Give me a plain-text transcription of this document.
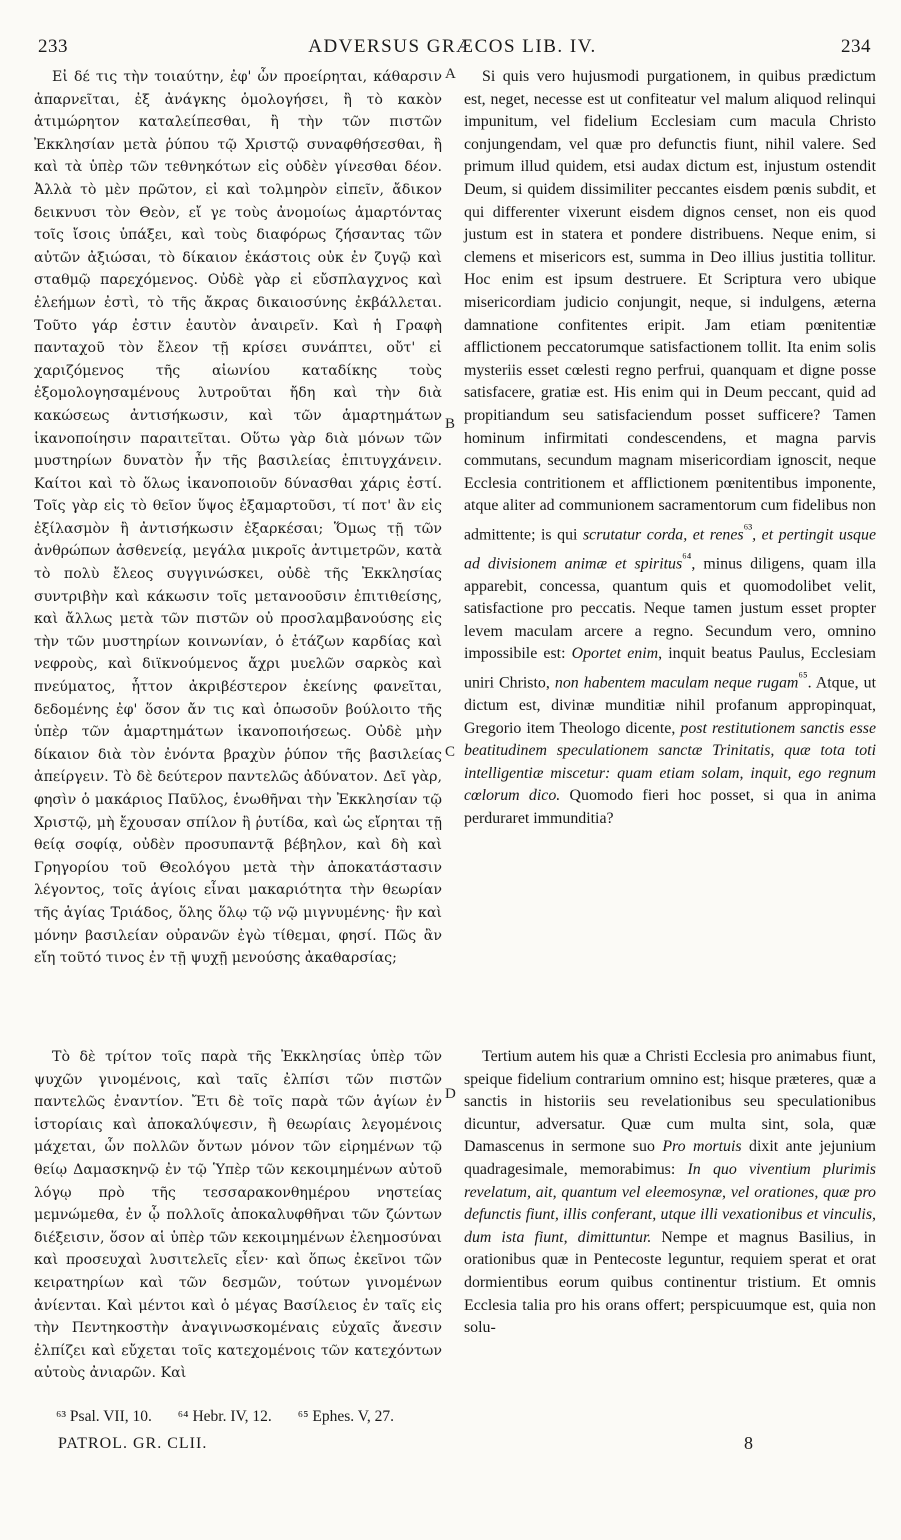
233	ADVERSUS GRÆCOS LIB. IV.	234
A
B
C
D

Εἰ δέ τις τὴν τοιαύτην, ἐφ' ὧν προείρηται, κάθαρσιν ἀπαρνεῖται, ἐξ ἀνάγκης ὁμολογήσει, ἢ τὸ κακὸν ἀτιμώρητον καταλείπεσθαι, ἢ τὴν τῶν πιστῶν Ἐκκλησίαν μετὰ ῥύπου τῷ Χριστῷ συναφθήσεσθαι, ἢ καὶ τὰ ὑπὲρ τῶν τεθνηκότων εἰς οὐδὲν γίνεσθαι δέον. Ἀλλὰ τὸ μὲν πρῶτον, εἰ καὶ τολμηρὸν εἰπεῖν, ἄδικον δεικνυσι τὸν Θεὸν, εἴ γε τοὺς ἀνομοίως ἁμαρτόντας τοῖς ἴσοις ὑπάξει, καὶ τοὺς διαφόρως ζήσαντας τῶν αὐτῶν ἀξιώσαι, τὸ δίκαιον ἑκάστοις οὐκ ἐν ζυγῷ καὶ σταθμῷ παρεχόμενος. Οὐδὲ γὰρ εἰ εὔσπλαγχνος καὶ ἐλεήμων ἐστὶ, τὸ τῆς ἄκρας δικαιοσύνης ἐκβάλλεται. Τοῦτο γάρ ἐστιν ἑαυτὸν ἀναιρεῖν. Καὶ ἡ Γραφὴ πανταχοῦ τὸν ἔλεον τῇ κρίσει συνάπτει, οὔτ' εἰ χαριζόμενος τῆς αἰωνίου καταδίκης τοὺς ἐξομολογησαμένους λυτροῦται ἤδη καὶ τὴν διὰ κακώσεως ἀντισήκωσιν, καὶ τῶν ἁμαρτημάτων ἱκανοποίησιν παραιτεῖται. Οὕτω γὰρ διὰ μόνων τῶν μυστηρίων δυνατὸν ἦν τῆς βασιλείας ἐπιτυγχάνειν. Καίτοι καὶ τὸ ὅλως ἱκανοποιοῦν δύνασθαι χάρις ἐστί. Τοῖς γὰρ εἰς τὸ θεῖον ὕψος ἐξαμαρτοῦσι, τί ποτ' ἂν εἰς ἐξίλασμὸν ἢ ἀντισήκωσιν ἐξαρκέσαι; Ὅμως τῇ τῶν ἀνθρώπων ἀσθενείᾳ, μεγάλα μικροῖς ἀντιμετρῶν, κατὰ τὸ πολὺ ἔλεος συγγινώσκει, οὐδὲ τῆς Ἐκκλησίας συντριβὴν καὶ κάκωσιν τοῖς μετανοοῦσιν ἐπιτιθείσης, καὶ ἄλλως μετὰ τῶν πιστῶν οὐ προσλαμβανούσης εἰς τὴν τῶν μυστηρίων κοινωνίαν, ὁ ἐτάζων καρδίας καὶ νεφροὺς, καὶ διϊκνούμενος ἄχρι μυελῶν σαρκὸς καὶ πνεύματος, ἧττον ἀκριβέστερον ἐκείνης φανεῖται, δεδομένης ἐφ' ὅσον ἄν τις καὶ ὁπωσοῦν βούλοιτο τῆς ὑπὲρ τῶν ἁμαρτημάτων ἱκανοποιήσεως. Οὐδὲ μὴν δίκαιον διὰ τὸν ἐνόντα βραχὺν ῥύπον τῆς βασιλείας ἀπείργειν. Τὸ δὲ δεύτερον παντελῶς ἀδύνατον. Δεῖ γὰρ, φησὶν ὁ μακάριος Παῦλος, ἑνωθῆναι τὴν Ἐκκλησίαν τῷ Χριστῷ, μὴ ἔχουσαν σπίλον ἢ ῥυτίδα, καὶ ὡς εἴρηται τῇ θείᾳ σοφίᾳ, οὐδὲν προσυπαντᾷ βέβηλον, καὶ δὴ καὶ Γρηγορίου τοῦ Θεολόγου μετὰ τὴν ἀποκατάστασιν λέγοντος, τοῖς ἁγίοις εἶναι μακαριότητα τὴν θεωρίαν τῆς ἁγίας Τριάδος, ὅλης ὅλῳ τῷ νῷ μιγνυμένης· ἣν καὶ μόνην βασιλείαν οὐρανῶν ἐγὼ τίθεμαι, φησί. Πῶς ἂν εἴη τοῦτό τινος ἐν τῇ ψυχῇ μενούσης ἀκαθαρσίας;

Si quis vero hujusmodi purgationem, in quibus prædictum est, neget, necesse est ut confiteatur vel malum aliquod relinqui impunitum, vel fidelium Ecclesiam cum macula Christo conjungendam, vel quæ pro defunctis fiunt, nihil valere. Sed primum illud quidem, etsi audax dictum est, injustum ostendit Deum, si quidem dissimiliter peccantes eisdem pœnis subdit, et qui differenter vixerunt eisdem dignos censet, non eis quod justum est in statera et pondere distribuens. Neque enim, si clemens et misericors est, summa in Deo illius justitia tollitur. Hoc enim est ipsum destruere. Et Scriptura vero ubique misericordiam judicio conjungit, neque, si indulgens, æterna damnatione confitentes eripit. Jam etiam pœnitentiæ afflictionem peccatorumque satisfactionem tollit. Ita enim solis mysteriis esset cœlesti regno perfrui, quanquam et digne posse satisfacere, gratiæ est. His enim qui in Deum peccant, quid ad propitiandum seu satisfaciendum posset sufficere? Tamen hominum infirmitati condescendens, et magna parvis commutans, secundum magnam misericordiam ignoscit, neque Ecclesia contritionem et afflictionem pœnitentibus imponente, atque aliter ad communionem sacramentorum cum fidelibus non admittente; is qui scrutatur corda, et renes$^{^{63}}$, et pertingit usque ad divisionem animæ et spiritus$^{^{64}}$, minus diligens, quam illa apparebit, concessa, quantum quis et quomodolibet velit, satisfactione pro peccatis. Neque tamen justum esset propter levem maculam arcere a regno. Secundum vero, omnino impossibile est: Oportet enim, inquit beatus Paulus, Ecclesiam uniri Christo, non habentem maculam neque rugam$^{^{65}}$. Atque, ut dictum est, divinæ munditiæ nihil profanum appropinquat, Gregorio item Theologo dicente, post restitutionem sanctis esse beatitudinem speculationem sanctæ Trinitatis, quæ tota toti intelligentiæ miscetur: quam etiam solam, inquit, ego regnum cœlorum dico. Quomodo fieri hoc posset, si qua in anima perduraret immunditia?

Τὸ δὲ τρίτον τοῖς παρὰ τῆς Ἐκκλησίας ὑπὲρ τῶν ψυχῶν γινομένοις, καὶ ταῖς ἐλπίσι τῶν πιστῶν παντελῶς ἐναντίον. Ἔτι δὲ τοῖς παρὰ τῶν ἁγίων ἐν ἱστορίαις καὶ ἀποκαλύψεσιν, ἢ θεωρίαις λεγομένοις μάχεται, ὧν πολλῶν ὄντων μόνον τῶν εἰρημένων τῷ θείῳ Δαμασκηνῷ ἐν τῷ Ὑπὲρ τῶν κεκοιμημένων αὐτοῦ λόγῳ πρὸ τῆς τεσσαρακονθημέρου νηστείας μεμνώμεθα, ἐν ᾧ πολλοῖς ἀποκαλυφθῆναι τῶν ζώντων διέξεισιν, ὅσον αἱ ὑπὲρ τῶν κεκοιμημένων ἐλεημοσύναι καὶ προσευχαὶ λυσιτελεῖς εἶεν· καὶ ὅπως ἐκεῖνοι τῶν κειρατηρίων καὶ τῶν δεσμῶν, τούτων γινομένων ἀνίενται. Καὶ μέντοι καὶ ὁ μέγας Βασίλειος ἐν ταῖς εἰς τὴν Πεντηκοστὴν ἀναγινωσκομέναις εὐχαῖς ἄνεσιν ἐλπίζει καὶ εὔχεται τοῖς κατεχομένοις τῶν κατεχόντων αὐτοὺς ἀνιαρῶν. Καὶ

Tertium autem his quæ a Christi Ecclesia pro animabus fiunt, speique fidelium contrarium omnino est; hisque præteres, quæ a sanctis in historiis seu revelationibus seu speculationibus dicuntur, adversatur. Quæ cum multa sint, sola, quæ Damascenus in sermone suo Pro mortuis dixit ante jejunium quadragesimale, memorabimus: In quo viventium plurimis revelatum, ait, quantum vel eleemosynæ, vel orationes, quæ pro defunctis fiunt, illis conferant, utque illi vexationibus et vinculis, dum ista fiunt, dimittuntur. Nempe et magnus Basilius, in orationibus quæ in Pentecoste leguntur, requiem sperat et orat dormientibus eorum quibus continentur tristium. Et omnis Ecclesia talia pro his orans offert; perspicuumque est, quia non solu-

⁶³ Psal. VII, 10. ⁶⁴ Hebr. IV, 12. ⁶⁵ Ephes. V, 27.
PATROL. GR. CLII.	8
